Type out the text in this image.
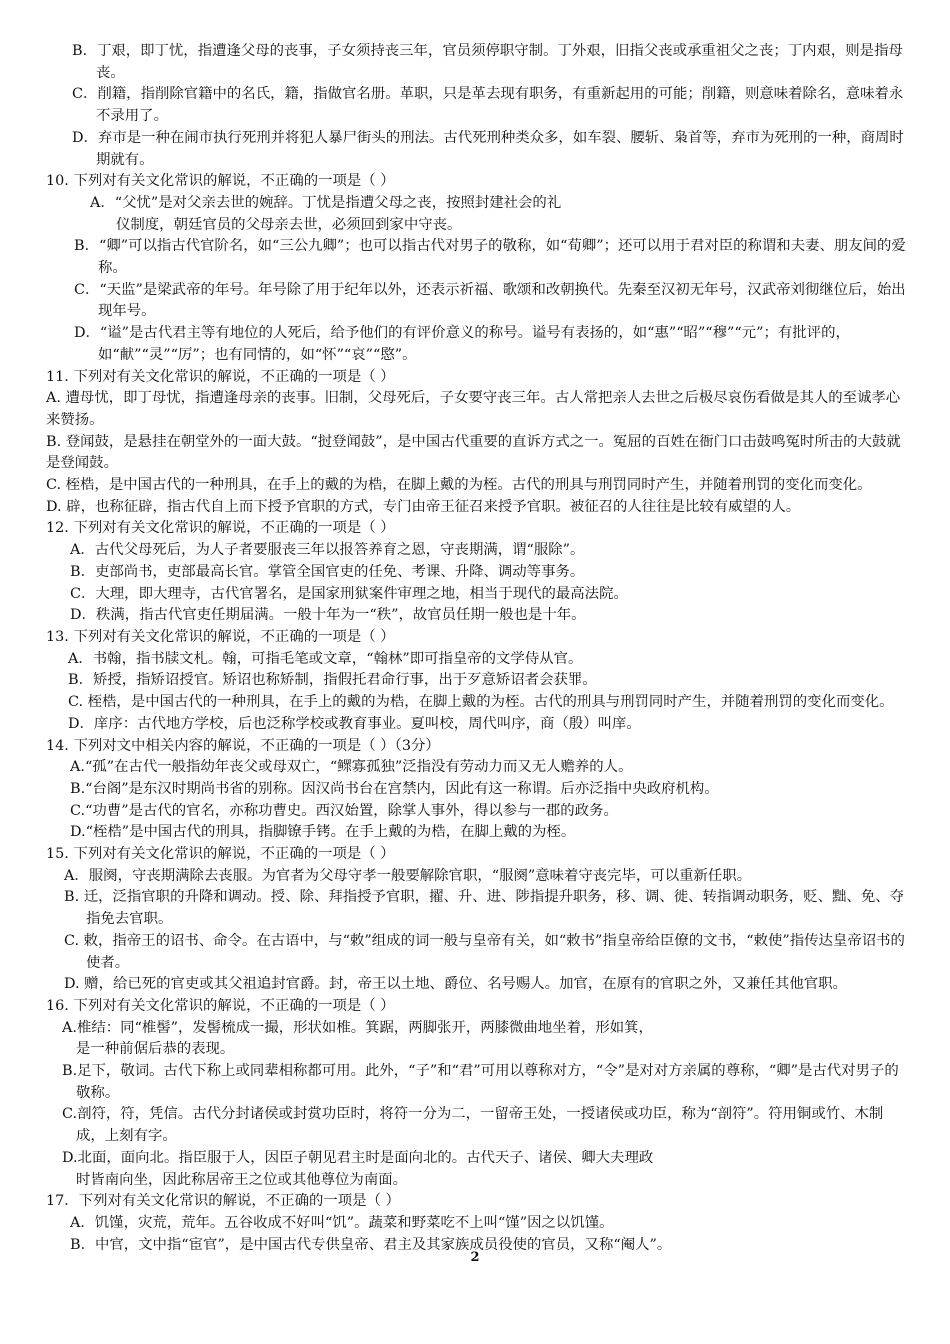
B．丁艰，即丁忧，指遭逢父母的丧事，子女须持丧三年，官员须停职守制。丁外艰，旧指父丧或承重祖父之丧；丁内艰，则是指母丧。

C．削籍，指削除官籍中的名氏，籍，指做官名册。革职，只是革去现有职务，有重新起用的可能；削籍，则意味着除名，意味着永不录用了。

D．弃市是一种在闹市执行死刑并将犯人暴尸街头的刑法。古代死刑种类众多，如车裂、腰斩、枭首等，弃市为死刑的一种，商周时期就有。

10. 下列对有关文化常识的解说，不正确的一项是（ ）

A．“父忧”是对父亲去世的婉辞。丁忧是指遭父母之丧，按照封建社会的礼

仪制度，朝廷官员的父母亲去世，必须回到家中守丧。

B．“卿”可以指古代官阶名，如“三公九卿”；也可以指古代对男子的敬称，如“荀卿”；还可以用于君对臣的称谓和夫妻、朋友间的爱称。

C．“天监”是梁武帝的年号。年号除了用于纪年以外，还表示祈福、歌颂和改朝换代。先秦至汉初无年号，汉武帝刘彻继位后，始出现年号。

D．“谥”是古代君主等有地位的人死后，给予他们的有评价意义的称号。谥号有表扬的，如“惠”“昭”“穆”“元”；有批评的，如“献”“灵”“厉”；也有同情的，如“怀”“哀”“愍”。

11. 下列对有关文化常识的解说，不正确的一项是（ ）

A. 遭母忧，即丁母忧，指遭逢母亲的丧事。旧制，父母死后，子女要守丧三年。古人常把亲人去世之后极尽哀伤看做是其人的至诚孝心来赞扬。

B. 登闻鼓，是悬挂在朝堂外的一面大鼓。“挝登闻鼓”，是中国古代重要的直诉方式之一。冤屈的百姓在衙门口击鼓鸣冤时所击的大鼓就是登闻鼓。

C. 桎梏，是中国古代的一种刑具，在手上的戴的为梏，在脚上戴的为桎。古代的刑具与刑罚同时产生，并随着刑罚的变化而变化。

D. 辟，也称征辟，指古代自上而下授予官职的方式，专门由帝王征召来授予官职。被征召的人往往是比较有威望的人。

12. 下列对有关文化常识的解说，不正确的一项是（ ）

A．古代父母死后，为人子者要服丧三年以报答养育之恩，守丧期满，谓“服除”。

B．吏部尚书，吏部最高长官。掌管全国官吏的任免、考课、升降、调动等事务。

C．大理，即大理寺，古代官署名，是国家刑狱案件审理之地，相当于现代的最高法院。

D．秩满，指古代官吏任期届满。一般十年为一“秩”，故官员任期一般也是十年。

13. 下列对有关文化常识的解说，不正确的一项是（ ）

A．书翰，指书牍文札。翰，可指毛笔或文章，“翰林”即可指皇帝的文学侍从官。

B．矫授，指矫诏授官。矫诏也称矫制，指假托君命行事，出于歹意矫诏者会获罪。

C. 桎梏，是中国古代的一种刑具，在手上的戴的为梏，在脚上戴的为桎。古代的刑具与刑罚同时产生，并随着刑罚的变化而变化。

D．庠序：古代地方学校，后也泛称学校或教育事业。夏叫校，周代叫序，商（殷）叫庠。

14. 下列对文中相关内容的解说，不正确的一项是（ ）（3分）

A.“孤”在古代一般指幼年丧父或母双亡，“鳏寡孤独”泛指没有劳动力而又无人赡养的人。

B.“台阁”是东汉时期尚书省的别称。因汉尚书台在宫禁内，因此有这一称谓。后亦泛指中央政府机构。

C.“功曹”是古代的官名，亦称功曹史。西汉始置，除掌人事外，得以参与一郡的政务。

D.“桎梏”是中国古代的刑具，指脚镣手铐。在手上戴的为梏，在脚上戴的为桎。

15. 下列对有关文化常识的解说，不正确的一项是（ ）

A．服阕，守丧期满除去丧服。为官者为父母守孝一般要解除官职，“服阕”意味着守丧完毕，可以重新任职。

B. 迁，泛指官职的升降和调动。授、除、拜指授予官职，擢、升、进、陟指提升职务，移、调、徙、转指调动职务，贬、黜、免、夺指免去官职。

C. 敕，指帝王的诏书、命令。在古语中，与“敕”组成的词一般与皇帝有关，如“敕书”指皇帝给臣僚的文书，“敕使”指传达皇帝诏书的使者。

D. 赠，给已死的官吏或其父祖追封官爵。封，帝王以土地、爵位、名号赐人。加官，在原有的官职之外，又兼任其他官职。

16. 下列对有关文化常识的解说，不正确的一项是（ ）

A.椎结：同“椎髻”，发髻梳成一撮，形状如椎。箕踞，两脚张开，两膝微曲地坐着，形如箕，

是一种前倨后恭的表现。

B.足下，敬词。古代下称上或同辈相称都可用。此外，“子”和“君”可用以尊称对方，“令”是对对方亲属的尊称，“卿”是古代对男子的敬称。

C.剖符，符，凭信。古代分封诸侯或封赏功臣时，将符一分为二，一留帝王处，一授诸侯或功臣，称为“剖符”。符用铜或竹、木制成，上刻有字。

D.北面，面向北。指臣服于人，因臣子朝见君主时是面向北的。古代天子、诸侯、卿大夫理政

时皆南向坐，因此称居帝王之位或其他尊位为南面。

17．下列对有关文化常识的解说，不正确的一项是（ ）

A．饥馑，灾荒，荒年。五谷收成不好叫“饥”。蔬菜和野菜吃不上叫“馑”因之以饥馑。

B．中官，文中指“宦官”，是中国古代专供皇帝、君主及其家族成员役使的官员，又称“阉人”。

2
